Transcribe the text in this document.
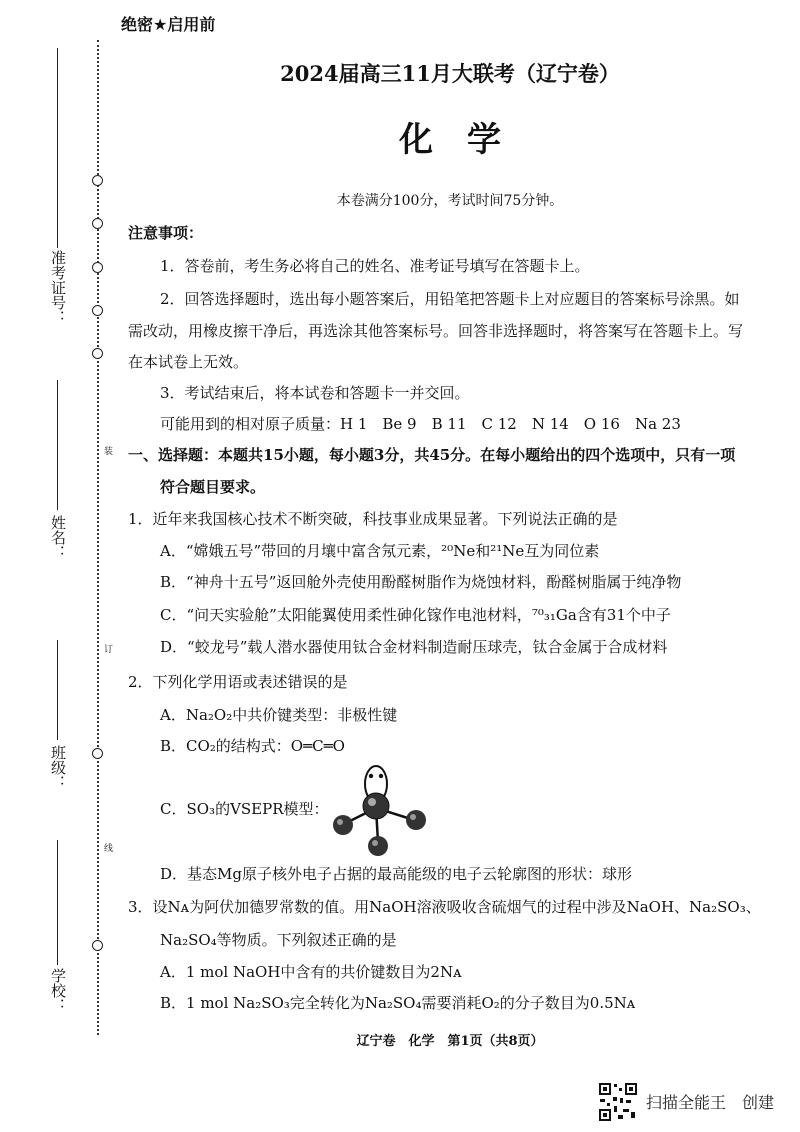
装
订
线
准考证号：
姓名：
班级：
学校：
绝密★启用前
2024届高三11月大联考（辽宁卷）
化　学
本卷满分100分，考试时间75分钟。
注意事项：
1．答卷前，考生务必将自己的姓名、准考证号填写在答题卡上。
2．回答选择题时，选出每小题答案后，用铅笔把答题卡上对应题目的答案标号涂黑。如
需改动，用橡皮擦干净后，再选涂其他答案标号。回答非选择题时，将答案写在答题卡上。写
在本试卷上无效。
3．考试结束后，将本试卷和答题卡一并交回。
可能用到的相对原子质量：H 1　Be 9　B 11　C 12　N 14　O 16　Na 23
一、选择题：本题共15小题，每小题3分，共45分。在每小题给出的四个选项中，只有一项
符合题目要求。
1．近年来我国核心技术不断突破，科技事业成果显著。下列说法正确的是
A．“嫦娥五号”带回的月壤中富含氖元素，²⁰Ne和²¹Ne互为同位素
B．“神舟十五号”返回舱外壳使用酚醛树脂作为烧蚀材料，酚醛树脂属于纯净物
C．“问天实验舱”太阳能翼使用柔性砷化镓作电池材料，⁷⁰₃₁Ga含有31个中子
D．“蛟龙号”载人潜水器使用钛合金材料制造耐压球壳，钛合金属于合成材料
2．下列化学用语或表述错误的是
A．Na₂O₂中共价键类型：非极性键
B．CO₂的结构式：O═C═O
C．SO₃的VSEPR模型：
D．基态Mg原子核外电子占据的最高能级的电子云轮廓图的形状：球形
3．设Nᴀ为阿伏加德罗常数的值。用NaOH溶液吸收含硫烟气的过程中涉及NaOH、Na₂SO₃、
Na₂SO₄等物质。下列叙述正确的是
A．1 mol NaOH中含有的共价键数目为2Nᴀ
B．1 mol Na₂SO₃完全转化为Na₂SO₄需要消耗O₂的分子数目为0.5Nᴀ
辽宁卷　化学　第1页（共8页）
扫描全能王　创建
